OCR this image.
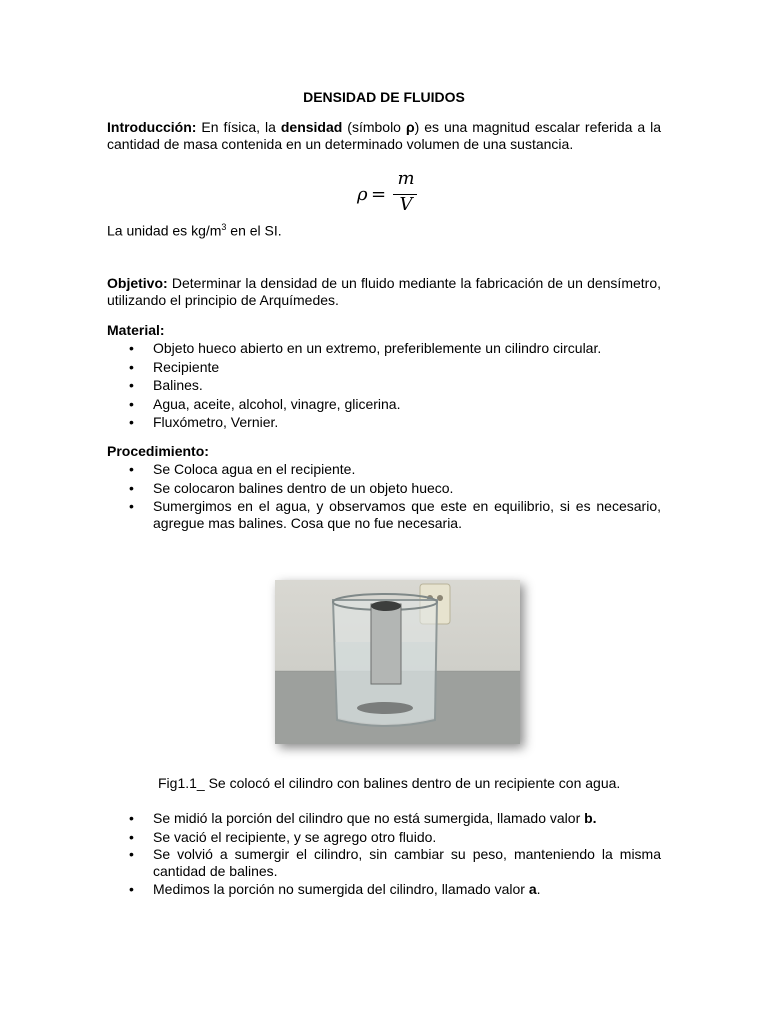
DENSIDAD DE FLUIDOS
Introducción: En física, la densidad (símbolo ρ) es una magnitud escalar referida a la cantidad de masa contenida en un determinado volumen de una sustancia.
ρ =
m
V
La unidad es $kg/m^3$ en el SI.
Objetivo: Determinar la densidad de un fluido mediante la fabricación de un densímetro, utilizando el principio de Arquímedes.
Material:
• Objeto hueco abierto en un extremo, preferiblemente un cilindro circular.
• Recipiente
• Balines.
• Agua, aceite, alcohol, vinagre, glicerina.
• Fluxómetro, Vernier.
Procedimiento:
• Se Coloca agua en el recipiente.
• Se colocaron balines dentro de un objeto hueco.
• Sumergimos en el agua, y observamos que este en equilibrio, si es necesario, agregue mas balines. Cosa que no fue necesaria.
Fig1.1_ Se colocó el cilindro con balines dentro de un recipiente con agua.
• Se midió la porción del cilindro que no está sumergida, llamado valor b.
• Se vació el recipiente, y se agrego otro fluido.
• Se volvió a sumergir el cilindro, sin cambiar su peso, manteniendo la misma cantidad de balines.
• Medimos la porción no sumergida del cilindro, llamado valor a.
